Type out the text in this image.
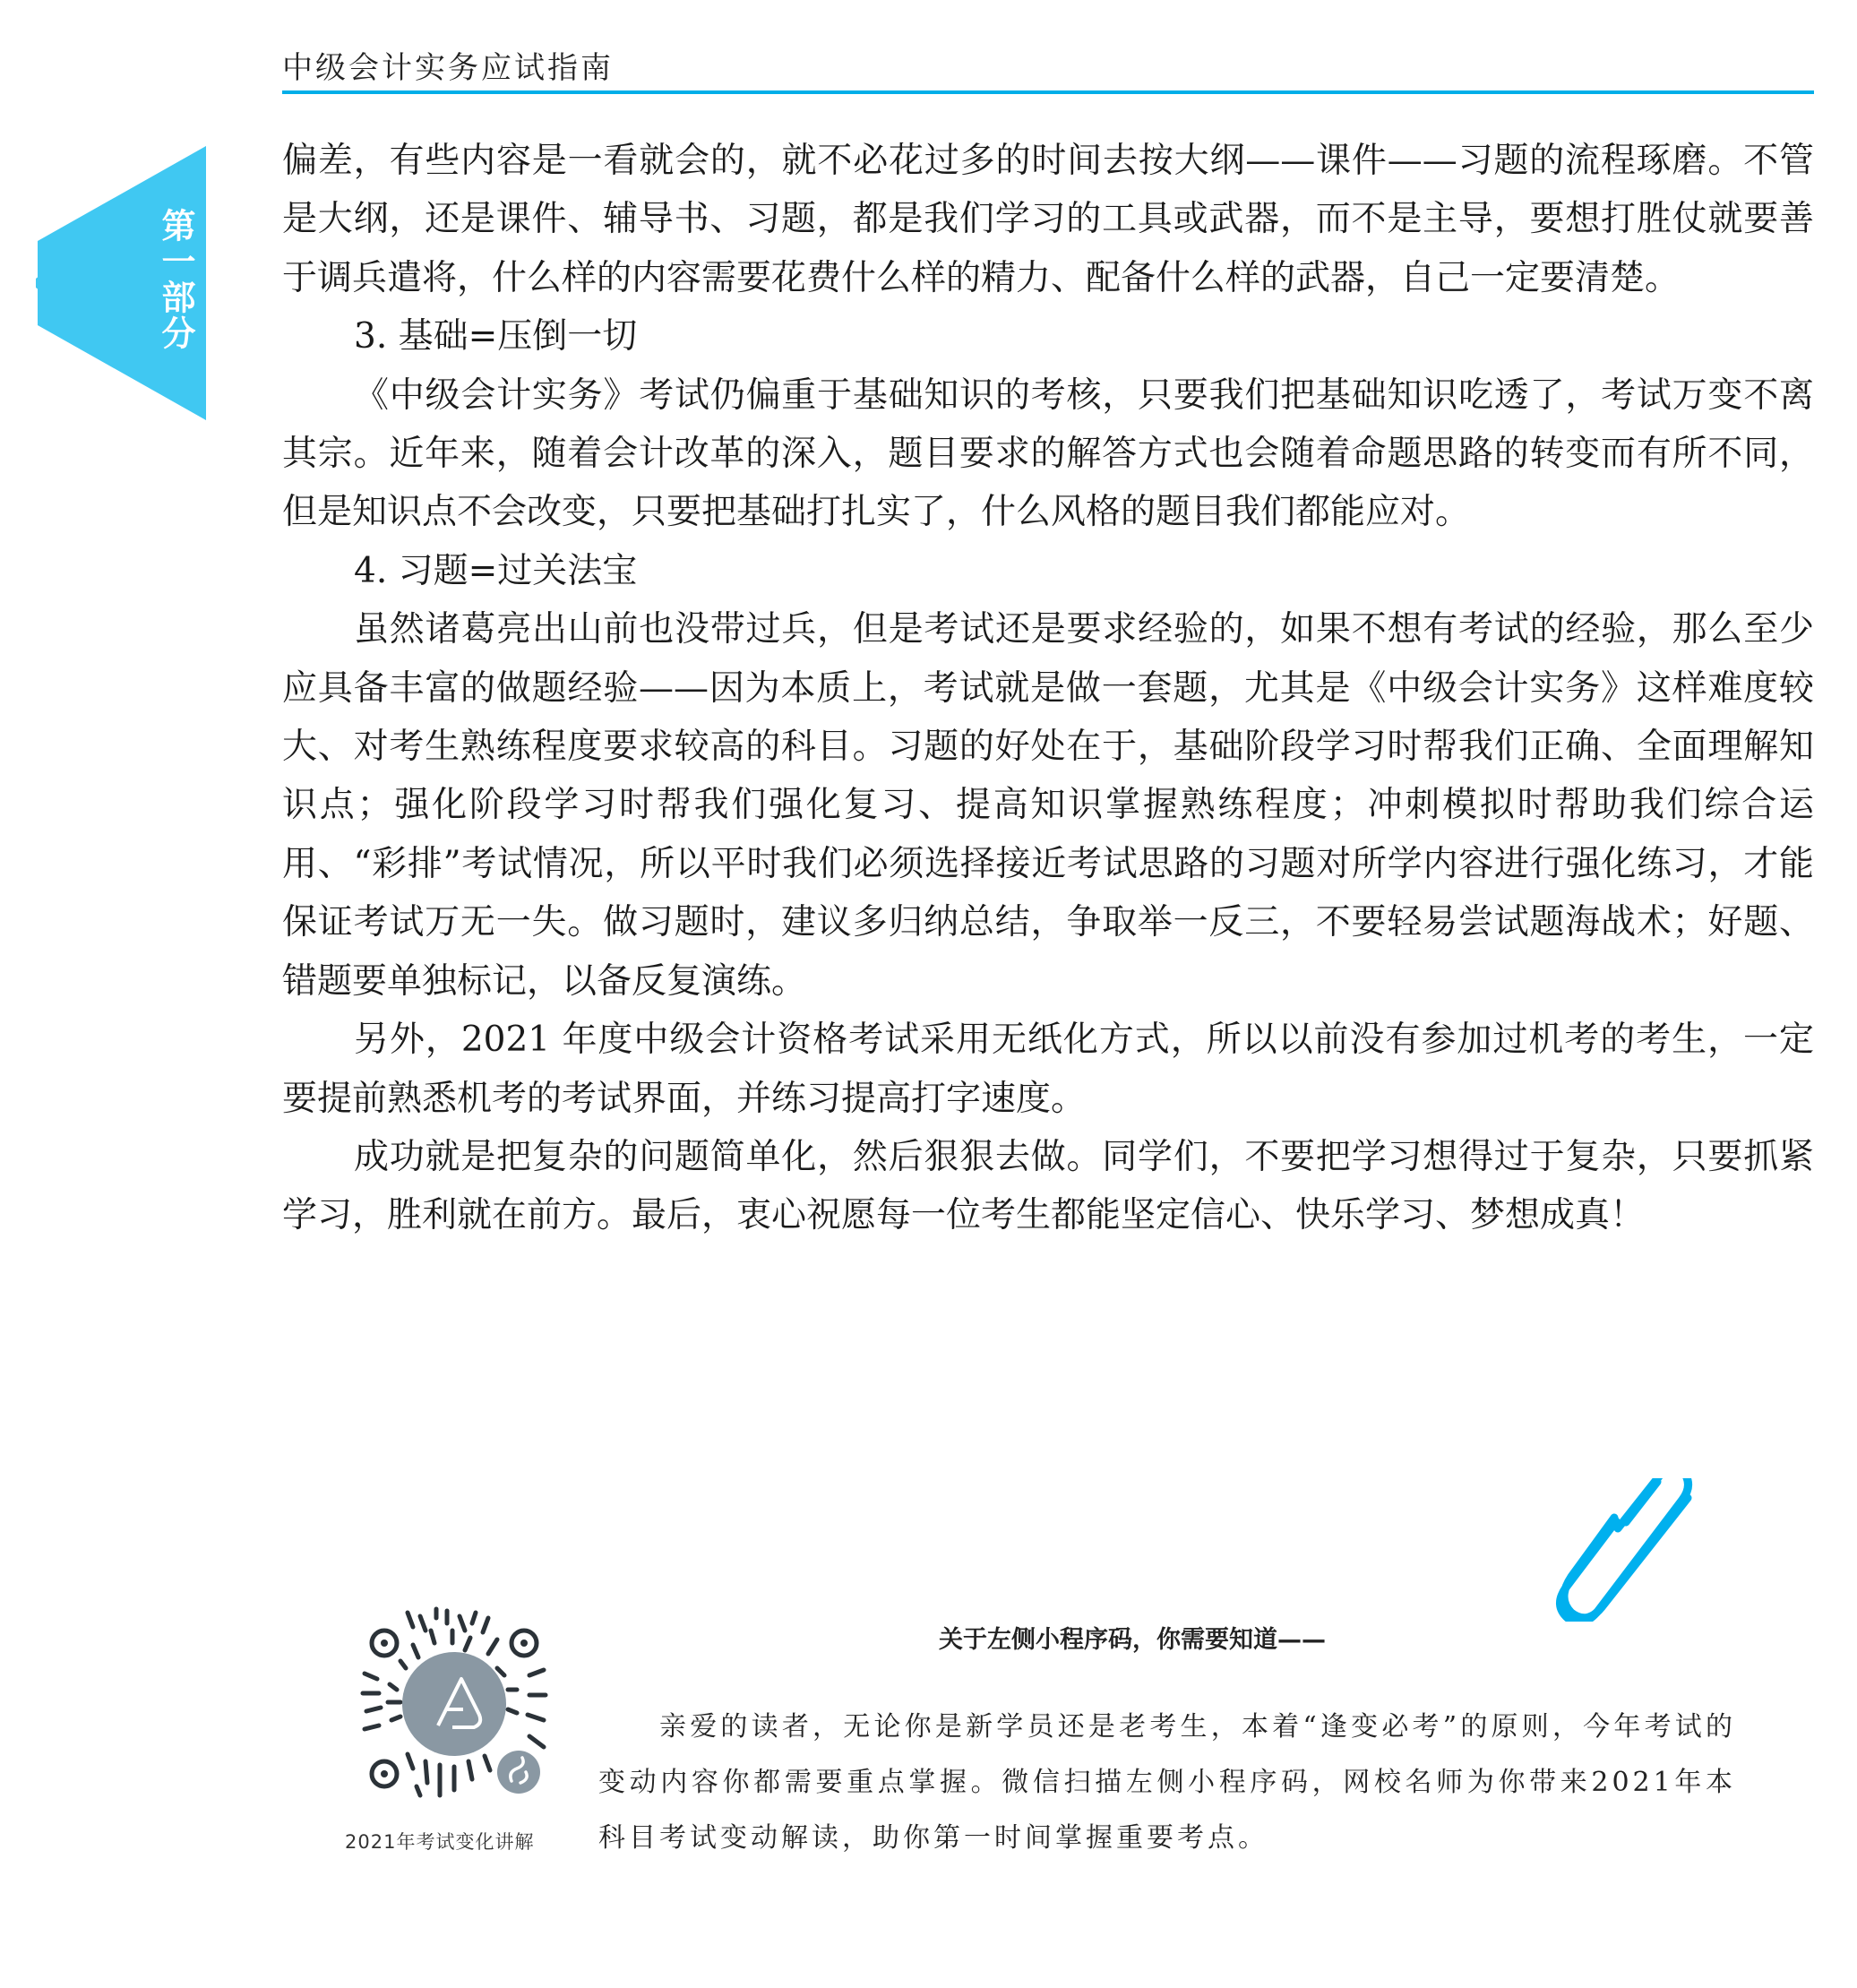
中级会计实务应试指南
第一部分

偏差，有些内容是一看就会的，就不必花过多的时间去按大纲——课件——习题的流程琢磨。不管是大纲，还是课件、辅导书、习题，都是我们学习的工具或武器，而不是主导，要想打胜仗就要善于调兵遣将，什么样的内容需要花费什么样的精力、配备什么样的武器，自己一定要清楚。

3. 基础=压倒一切

《中级会计实务》考试仍偏重于基础知识的考核，只要我们把基础知识吃透了，考试万变不离其宗。近年来，随着会计改革的深入，题目要求的解答方式也会随着命题思路的转变而有所不同，但是知识点不会改变，只要把基础打扎实了，什么风格的题目我们都能应对。

4. 习题=过关法宝

虽然诸葛亮出山前也没带过兵，但是考试还是要求经验的，如果不想有考试的经验，那么至少应具备丰富的做题经验——因为本质上，考试就是做一套题，尤其是《中级会计实务》这样难度较大、对考生熟练程度要求较高的科目。习题的好处在于，基础阶段学习时帮我们正确、全面理解知识点；强化阶段学习时帮我们强化复习、提高知识掌握熟练程度；冲刺模拟时帮助我们综合运用、“彩排”考试情况，所以平时我们必须选择接近考试思路的习题对所学内容进行强化练习，才能保证考试万无一失。做习题时，建议多归纳总结，争取举一反三，不要轻易尝试题海战术；好题、错题要单独标记，以备反复演练。

另外，2021 年度中级会计资格考试采用无纸化方式，所以以前没有参加过机考的考生，一定要提前熟悉机考的考试界面，并练习提高打字速度。

成功就是把复杂的问题简单化，然后狠狠去做。同学们，不要把学习想得过于复杂，只要抓紧学习，胜利就在前方。最后，衷心祝愿每一位考生都能坚定信心、快乐学习、梦想成真！

2021年考试变化讲解
关于左侧小程序码，你需要知道——

亲爱的读者，无论你是新学员还是老考生，本着“逢变必考”的原则，今年考试的变动内容你都需要重点掌握。微信扫描左侧小程序码，网校名师为你带来2021年本科目考试变动解读，助你第一时间掌握重要考点。
